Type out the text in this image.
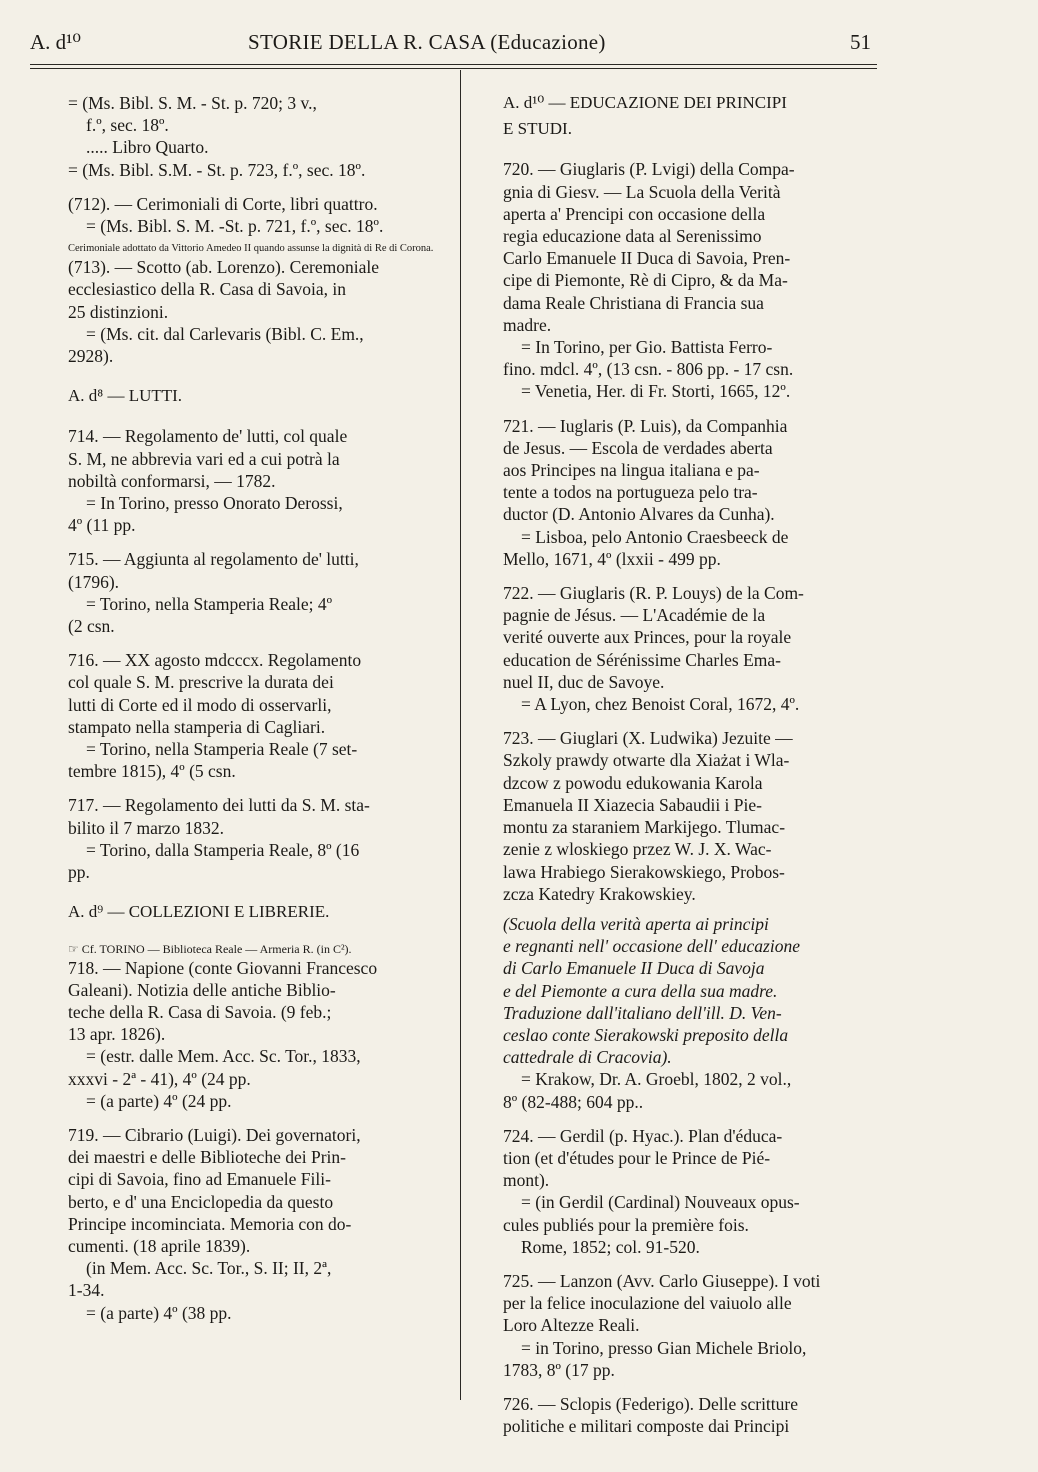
A. d¹⁰	STORIE DELLA R. CASA (Educazione)	51

= (Ms. Bibl. S. M. - St. p. 720; 3 v.,

f.º, sec. 18º.

..... Libro Quarto.

= (Ms. Bibl. S.M. - St. p. 723, f.º, sec. 18º.

(712). — Cerimoniali di Corte, libri quattro.

= (Ms. Bibl. S. M. -St. p. 721, f.º, sec. 18º.

Cerimoniale adottato da Vittorio Amedeo II quando assunse la dignità di Re di Corona.

(713). — Scotto (ab. Lorenzo). Ceremoniale

ecclesiastico della R. Casa di Savoia, in

25 distinzioni.

= (Ms. cit. dal Carlevaris (Bibl. C. Em.,

2928).

A. d⁸ — LUTTI.

714. — Regolamento de' lutti, col quale

S. M, ne abbrevia vari ed a cui potrà la

nobiltà conformarsi, — 1782.

= In Torino, presso Onorato Derossi,

4º (11 pp.

715. — Aggiunta al regolamento de' lutti,

(1796).

= Torino, nella Stamperia Reale; 4º

(2 csn.

716. — XX agosto mdcccx. Regolamento

col quale S. M. prescrive la durata dei

lutti di Corte ed il modo di osservarli,

stampato nella stamperia di Cagliari.

= Torino, nella Stamperia Reale (7 set-

tembre 1815), 4º (5 csn.

717. — Regolamento dei lutti da S. M. sta-

bilito il 7 marzo 1832.

= Torino, dalla Stamperia Reale, 8º (16

pp.

A. d⁹ — COLLEZIONI E LIBRERIE.

☞ Cf. TORINO — Biblioteca Reale — Armeria R. (in C²).

718. — Napione (conte Giovanni Francesco

Galeani). Notizia delle antiche Biblio-

teche della R. Casa di Savoia. (9 feb.;

13 apr. 1826).

= (estr. dalle Mem. Acc. Sc. Tor., 1833,

xxxvi - 2ª - 41), 4º (24 pp.

= (a parte) 4º (24 pp.

719. — Cibrario (Luigi). Dei governatori,

dei maestri e delle Biblioteche dei Prin-

cipi di Savoia, fino ad Emanuele Fili-

berto, e d' una Enciclopedia da questo

Principe incominciata. Memoria con do-

cumenti. (18 aprile 1839).

(in Mem. Acc. Sc. Tor., S. II; II, 2ª,

1-34.

= (a parte) 4º (38 pp.

A. d¹⁰ — EDUCAZIONE DEI PRINCIPI

E STUDI.

720. — Giuglaris (P. Lvigi) della Compa-

gnia di Giesv. — La Scuola della Verità

aperta a' Prencipi con occasione della

regia educazione data al Serenissimo

Carlo Emanuele II Duca di Savoia, Pren-

cipe di Piemonte, Rè di Cipro, & da Ma-

dama Reale Christiana di Francia sua

madre.

= In Torino, per Gio. Battista Ferro-

fino. mdcl. 4º, (13 csn. - 806 pp. - 17 csn.

= Venetia, Her. di Fr. Storti, 1665, 12º.

721. — Iuglaris (P. Luis), da Companhia

de Jesus. — Escola de verdades aberta

aos Principes na lingua italiana e pa-

tente a todos na portugueza pelo tra-

ductor (D. Antonio Alvares da Cunha).

= Lisboa, pelo Antonio Craesbeeck de

Mello, 1671, 4º (lxxii - 499 pp.

722. — Giuglaris (R. P. Louys) de la Com-

pagnie de Jésus. — L'Académie de la

verité ouverte aux Princes, pour la royale

education de Sérénissime Charles Ema-

nuel II, duc de Savoye.

= A Lyon, chez Benoist Coral, 1672, 4º.

723. — Giuglari (X. Ludwika) Jezuite —

Szkoly prawdy otwarte dla Xiażat i Wla-

dzcow z powodu edukowania Karola

Emanuela II Xiazecia Sabaudii i Pie-

montu za staraniem Markijego. Tlumac-

zenie z wloskiego przez W. J. X. Wac-

lawa Hrabiego Sierakowskiego, Probos-

zcza Katedry Krakowskiey.

(Scuola della verità aperta ai principi

e regnanti nell' occasione dell' educazione

di Carlo Emanuele II Duca di Savoja

e del Piemonte a cura della sua madre.

Traduzione dall'italiano dell'ill. D. Ven-

ceslao conte Sierakowski preposito della

cattedrale di Cracovia).

= Krakow, Dr. A. Groebl, 1802, 2 vol.,

8º (82-488; 604 pp..

724. — Gerdil (p. Hyac.). Plan d'éduca-

tion (et d'études pour le Prince de Pié-

mont).

= (in Gerdil (Cardinal) Nouveaux opus-

cules publiés pour la première fois.

Rome, 1852; col. 91-520.

725. — Lanzon (Avv. Carlo Giuseppe). I voti

per la felice inoculazione del vaiuolo alle

Loro Altezze Reali.

= in Torino, presso Gian Michele Briolo,

1783, 8º (17 pp.

726. — Sclopis (Federigo). Delle scritture

politiche e militari composte dai Principi
